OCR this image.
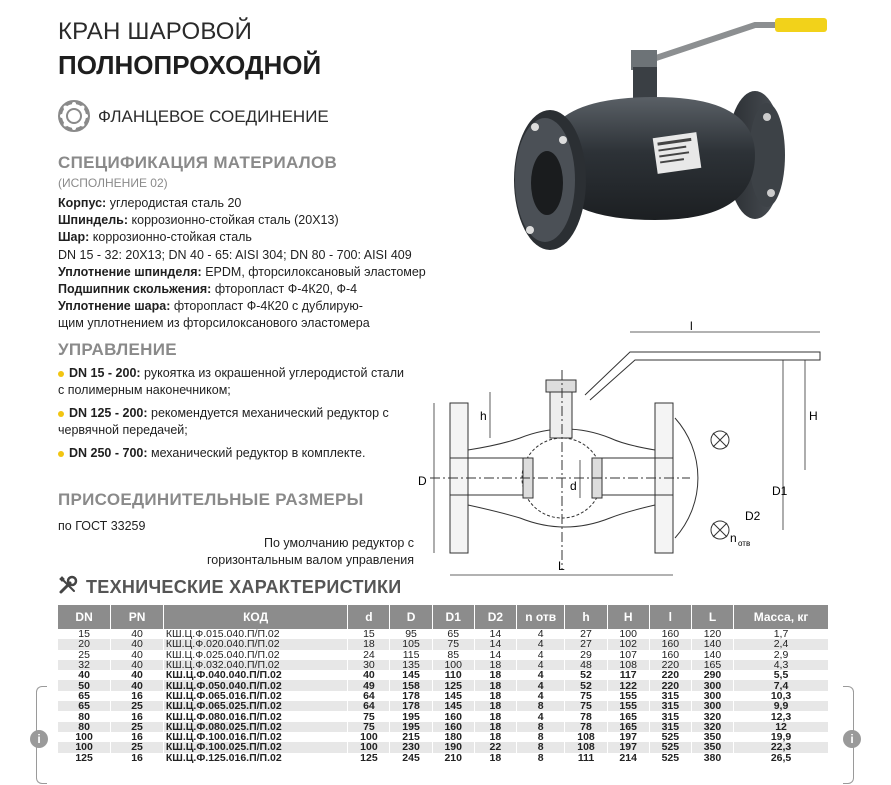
КРАН ШАРОВОЙ
ПОЛНОПРОХОДНОЙ
ФЛАНЦЕВОЕ СОЕДИНЕНИЕ
СПЕЦИФИКАЦИЯ МАТЕРИАЛОВ
(ИСПОЛНЕНИЕ 02)
Корпус: углеродистая сталь 20
Шпиндель: коррозионно-стойкая сталь (20Х13)
Шар: коррозионно-стойкая сталь
DN 15 - 32: 20Х13; DN 40 - 65: AISI 304; DN 80 - 700: AISI 409
Уплотнение шпинделя: EPDM, фторсилоксановый эластомер
Подшипник скольжения: фторопласт Ф-4К20, Ф-4
Уплотнение шара: фторопласт Ф-4К20 с дублирую-
щим уплотнением из фторсилоксанового эластомера
УПРАВЛЕНИЕ
DN 15 - 200: рукоятка из окрашенной углеродистой стали с полимерным наконечником;
DN 125 - 200: рекомендуется механический редуктор с червячной передачей;
DN 250 - 700: механический редуктор в комплекте.
ПРИСОЕДИНИТЕЛЬНЫЕ РАЗМЕРЫ
по ГОСТ 33259
По умолчанию редуктор с горизонтальным валом управления
ТЕХНИЧЕСКИЕ ХАРАКТЕРИСТИКИ
l
H
D1
D2
n отв
h
D	d
L
i	i
DN	PN	КОД	d	D	D1	D2	n отв	h	H	l	L	Масса, кг
15	40	КШ.Ц.Ф.015.040.П/П.02	15	95	65	14	4	27	100	160	120	1,7
20	40	КШ.Ц.Ф.020.040.П/П.02	18	105	75	14	4	27	102	160	140	2,4
25	40	КШ.Ц.Ф.025.040.П/П.02	24	115	85	14	4	29	107	160	140	2,9
32	40	КШ.Ц.Ф.032.040.П/П.02	30	135	100	18	4	48	108	220	165	4,3
40	40	КШ.Ц.Ф.040.040.П/П.02	40	145	110	18	4	52	117	220	290	5,5
50	40	КШ.Ц.Ф.050.040.П/П.02	49	158	125	18	4	52	122	220	300	7,4
65	16	КШ.Ц.Ф.065.016.П/П.02	64	178	145	18	4	75	155	315	300	10,3
65	25	КШ.Ц.Ф.065.025.П/П.02	64	178	145	18	8	75	155	315	300	9,9
80	16	КШ.Ц.Ф.080.016.П/П.02	75	195	160	18	4	78	165	315	320	12,3
80	25	КШ.Ц.Ф.080.025.П/П.02	75	195	160	18	8	78	165	315	320	12
100	16	КШ.Ц.Ф.100.016.П/П.02	100	215	180	18	8	108	197	525	350	19,9
100	25	КШ.Ц.Ф.100.025.П/П.02	100	230	190	22	8	108	197	525	350	22,3
125	16	КШ.Ц.Ф.125.016.П/П.02	125	245	210	18	8	111	214	525	380	26,5
